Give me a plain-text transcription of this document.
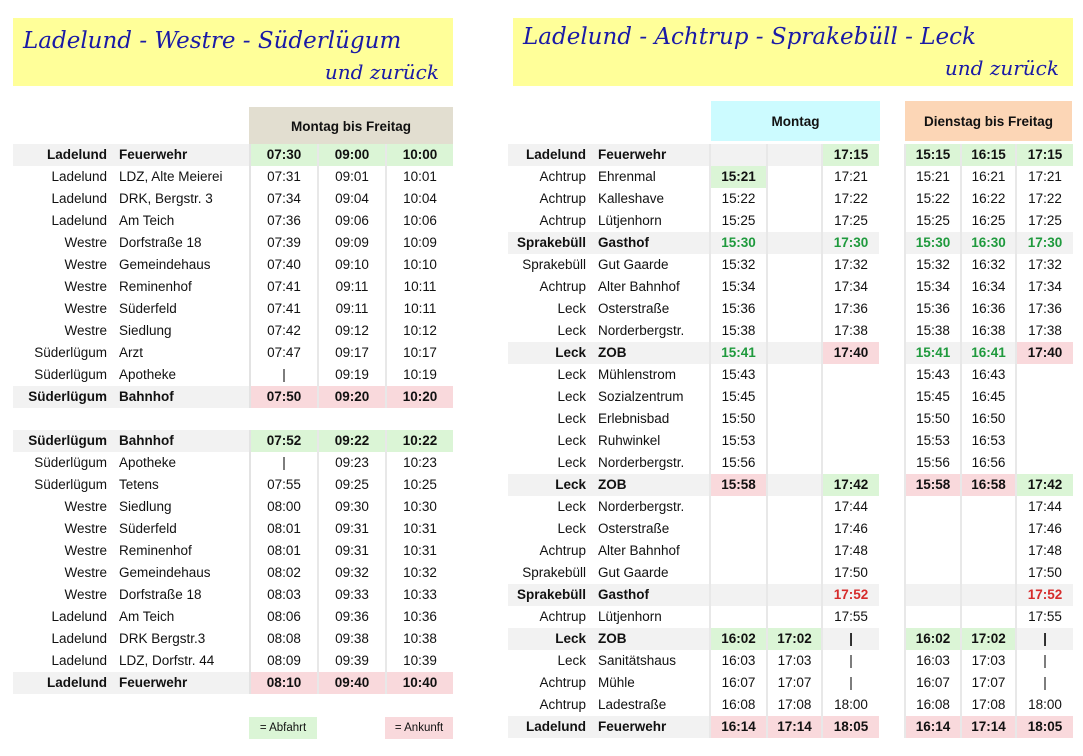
Ladelund - Westre - Süderlügum
und zurück
Ladelund - Achtrup - Sprakebüll - Leck
und zurück
Montag bis Freitag	Montag	Dienstag bis Freitag
Ladelund	Feuerwehr	07:30	09:00	10:00
Ladelund	LDZ, Alte Meierei	07:31	09:01	10:01
Ladelund	DRK, Bergstr. 3	07:34	09:04	10:04
Ladelund	Am Teich	07:36	09:06	10:06
Westre	Dorfstraße 18	07:39	09:09	10:09
Westre	Gemeindehaus	07:40	09:10	10:10
Westre	Reminenhof	07:41	09:11	10:11
Westre	Süderfeld	07:41	09:11	10:11
Westre	Siedlung	07:42	09:12	10:12
Süderlügum	Arzt	07:47	09:17	10:17
Süderlügum	Apotheke	|	09:19	10:19
Süderlügum	Bahnhof	07:50	09:20	10:20

Süderlügum	Bahnhof	07:52	09:22	10:22
Süderlügum	Apotheke	|	09:23	10:23
Süderlügum	Tetens	07:55	09:25	10:25
Westre	Siedlung	08:00	09:30	10:30
Westre	Süderfeld	08:01	09:31	10:31
Westre	Reminenhof	08:01	09:31	10:31
Westre	Gemeindehaus	08:02	09:32	10:32
Westre	Dorfstraße 18	08:03	09:33	10:33
Ladelund	Am Teich	08:06	09:36	10:36
Ladelund	DRK Bergstr.3	08:08	09:38	10:38
Ladelund	LDZ, Dorfstr. 44	08:09	09:39	10:39
Ladelund	Feuerwehr	08:10	09:40	10:40
Ladelund	Feuerwehr			17:15		15:15	16:15	17:15
Achtrup	Ehrenmal	15:21		17:21		15:21	16:21	17:21
Achtrup	Kalleshave	15:22		17:22		15:22	16:22	17:22
Achtrup	Lütjenhorn	15:25		17:25		15:25	16:25	17:25
Sprakebüll	Gasthof	15:30		17:30		15:30	16:30	17:30
Sprakebüll	Gut Gaarde	15:32		17:32		15:32	16:32	17:32
Achtrup	Alter Bahnhof	15:34		17:34		15:34	16:34	17:34
Leck	Osterstraße	15:36		17:36		15:36	16:36	17:36
Leck	Norderbergstr.	15:38		17:38		15:38	16:38	17:38
Leck	ZOB	15:41		17:40		15:41	16:41	17:40
Leck	Mühlenstrom	15:43				15:43	16:43	
Leck	Sozialzentrum	15:45				15:45	16:45	
Leck	Erlebnisbad	15:50				15:50	16:50	
Leck	Ruhwinkel	15:53				15:53	16:53	
Leck	Norderbergstr.	15:56				15:56	16:56	
Leck	ZOB	15:58		17:42		15:58	16:58	17:42
Leck	Norderbergstr.			17:44				17:44
Leck	Osterstraße			17:46				17:46
Achtrup	Alter Bahnhof			17:48				17:48
Sprakebüll	Gut Gaarde			17:50				17:50
Sprakebüll	Gasthof			17:52				17:52
Achtrup	Lütjenhorn			17:55				17:55
Leck	ZOB	16:02	17:02	|		16:02	17:02	|
Leck	Sanitätshaus	16:03	17:03	|		16:03	17:03	|
Achtrup	Mühle	16:07	17:07	|		16:07	17:07	|
Achtrup	Ladestraße	16:08	17:08	18:00		16:08	17:08	18:00
Ladelund	Feuerwehr	16:14	17:14	18:05		16:14	17:14	18:05
= Abfahrt	= Ankunft
